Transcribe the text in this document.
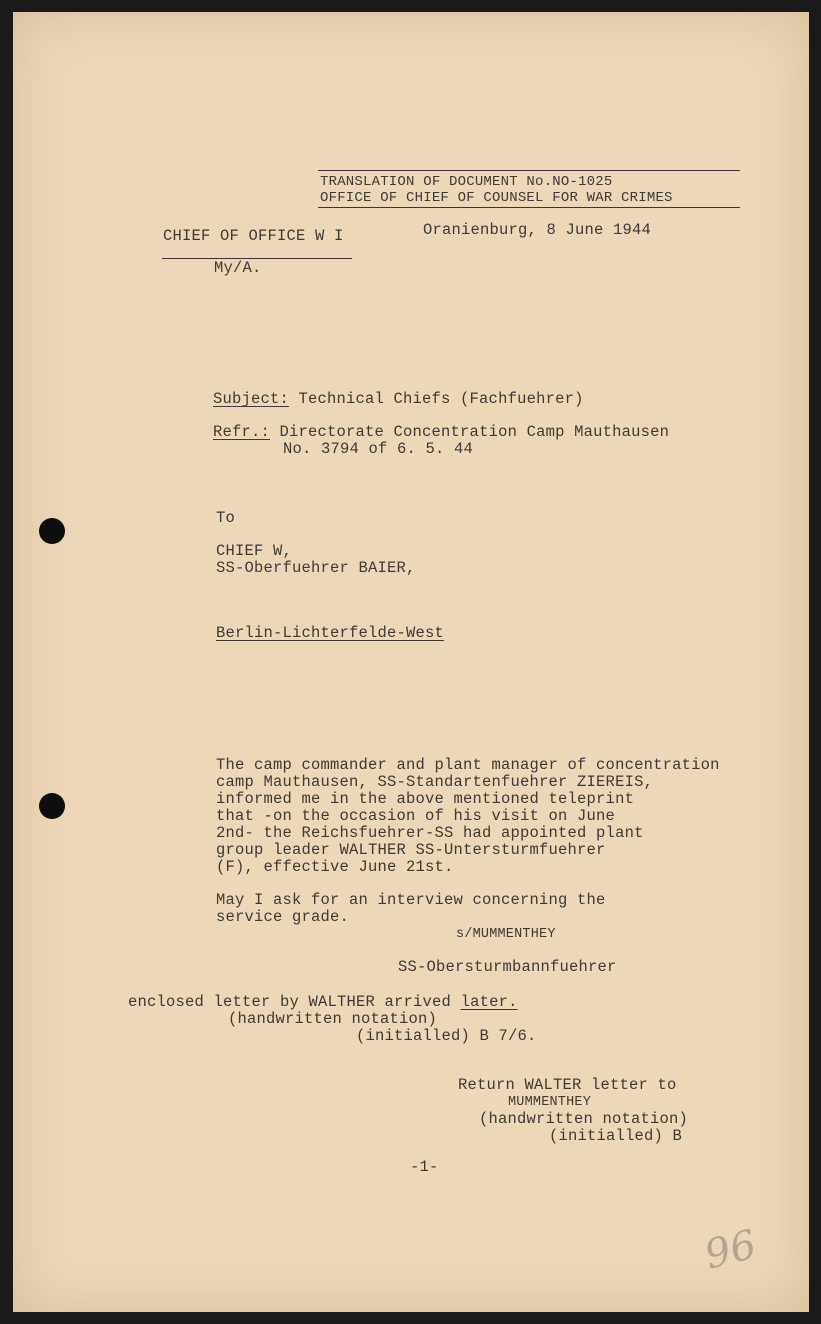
TRANSLATION OF DOCUMENT No.NO-1025
OFFICE OF CHIEF OF COUNSEL FOR WAR CRIMES
CHIEF OF OFFICE W I	Oranienburg, 8 June 1944
My/A.
Subject: Technical Chiefs (Fachfuehrer)
Refr.: Directorate Concentration Camp Mauthausen
No. 3794 of 6. 5. 44
To
CHIEF W,
SS-Oberfuehrer BAIER,
Berlin-Lichterfelde-West
The camp commander and plant manager of concentration
camp Mauthausen, SS-Standartenfuehrer ZIEREIS,
informed me in the above mentioned teleprint
that -on the occasion of his visit on June
2nd- the Reichsfuehrer-SS had appointed plant
group leader WALTHER SS-Untersturmfuehrer
(F), effective June 21st.
May I ask for an interview concerning the
service grade.
s/MUMMENTHEY
SS-Obersturmbannfuehrer
enclosed letter by WALTHER arrived later.
(handwritten notation)
(initialled) B 7/6.
Return WALTER letter to
MUMMENTHEY
(handwritten notation)
(initialled) B
-1-
96
